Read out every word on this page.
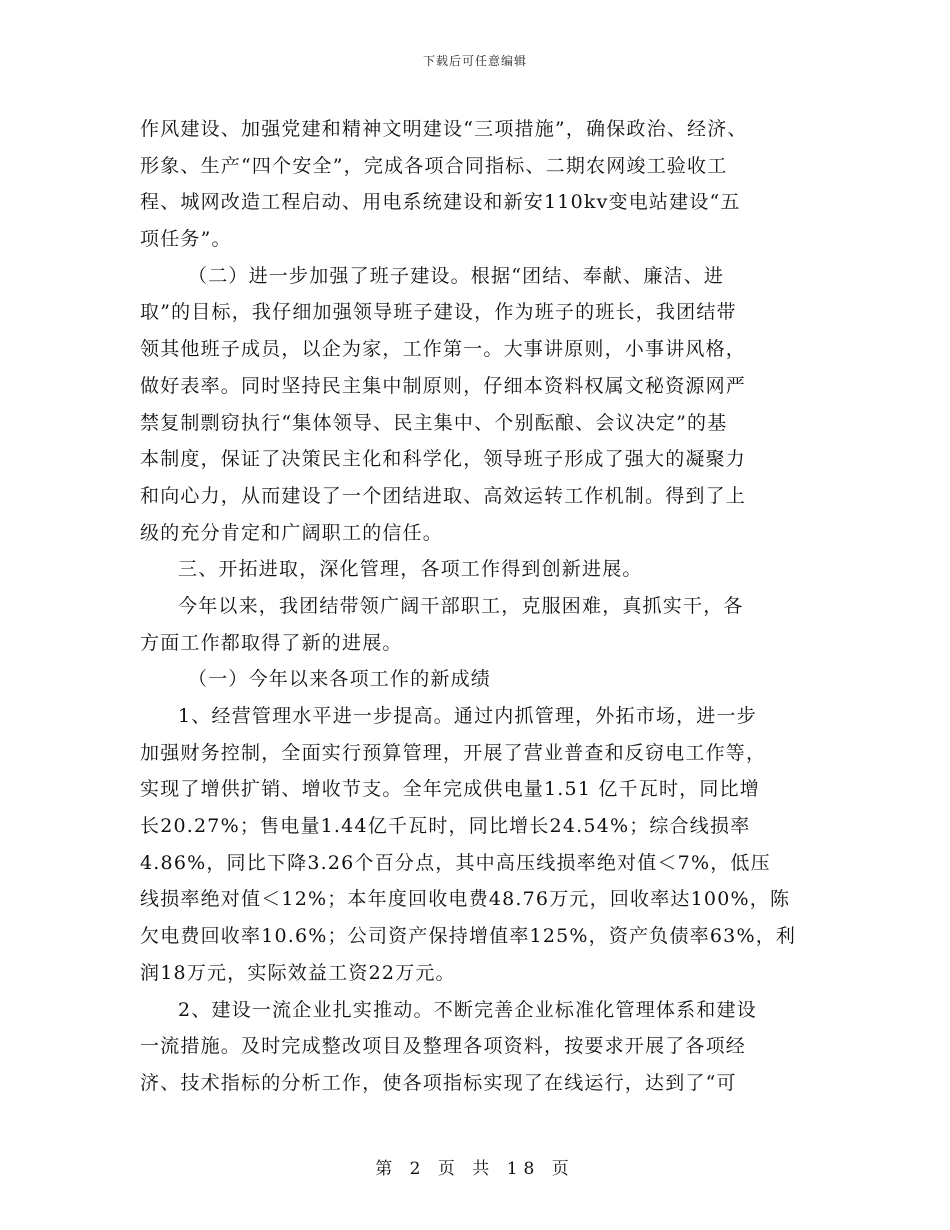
下载后可任意编辑
作风建设、加强党建和精神文明建设“三项措施”，确保政治、经济、
形象、生产“四个安全”，完成各项合同指标、二期农网竣工验收工
程、城网改造工程启动、用电系统建设和新安110kv变电站建设“五
项任务”。
（二）进一步加强了班子建设。根据“团结、奉献、廉洁、进
取”的目标，我仔细加强领导班子建设，作为班子的班长，我团结带
领其他班子成员，以企为家，工作第一。大事讲原则，小事讲风格，
做好表率。同时坚持民主集中制原则，仔细本资料权属文秘资源网严
禁复制剽窃执行“集体领导、民主集中、个别酝酿、会议决定”的基
本制度，保证了决策民主化和科学化，领导班子形成了强大的凝聚力
和向心力，从而建设了一个团结进取、高效运转工作机制。得到了上
级的充分肯定和广阔职工的信任。
三、开拓进取，深化管理，各项工作得到创新进展。
今年以来，我团结带领广阔干部职工，克服困难，真抓实干，各
方面工作都取得了新的进展。
（一）今年以来各项工作的新成绩
1、经营管理水平进一步提高。通过内抓管理，外拓市场，进一步
加强财务控制，全面实行预算管理，开展了营业普查和反窃电工作等，
实现了增供扩销、增收节支。全年完成供电量1.51 亿千瓦时，同比增
长20.27%；售电量1.44亿千瓦时，同比增长24.54%；综合线损率
4.86%，同比下降3.26个百分点，其中高压线损率绝对值＜7%，低压
线损率绝对值＜12%；本年度回收电费48.76万元，回收率达100%，陈
欠电费回收率10.6%；公司资产保持增值率125%，资产负债率63%，利
润18万元，实际效益工资22万元。
2、建设一流企业扎实推动。不断完善企业标准化管理体系和建设
一流措施。及时完成整改项目及整理各项资料，按要求开展了各项经
济、技术指标的分析工作，使各项指标实现了在线运行，达到了“可
第 2 页 共 18 页
